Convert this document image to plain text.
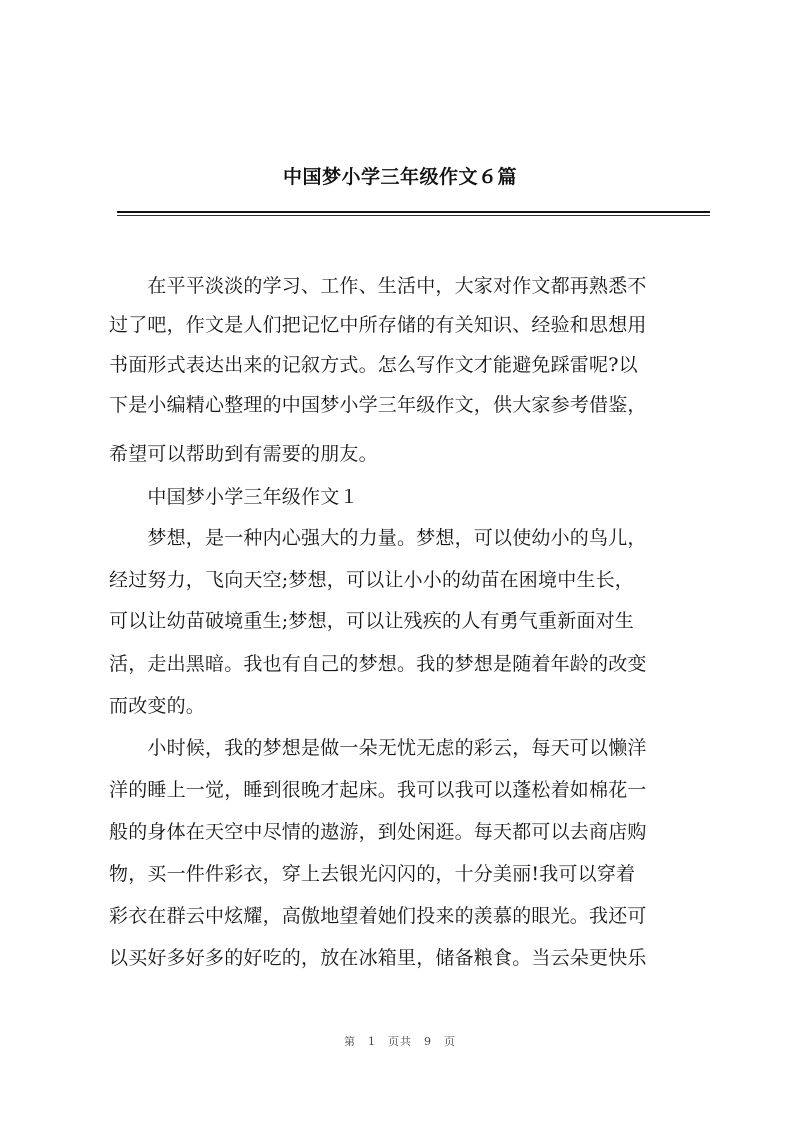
中国梦小学三年级作文６篇
　　在平平淡淡的学习、工作、生活中，大家对作文都再熟悉不
过了吧，作文是人们把记忆中所存储的有关知识、经验和思想用
书面形式表达出来的记叙方式。怎么写作文才能避免踩雷呢?以
下是小编精心整理的中国梦小学三年级作文，供大家参考借鉴，
希望可以帮助到有需要的朋友。
　　中国梦小学三年级作文１
　　梦想，是一种内心强大的力量。梦想，可以使幼小的鸟儿，
经过努力，飞向天空;梦想，可以让小小的幼苗在困境中生长，
可以让幼苗破境重生;梦想，可以让残疾的人有勇气重新面对生
活，走出黑暗。我也有自己的梦想。我的梦想是随着年龄的改变
而改变的。
　　小时候，我的梦想是做一朵无忧无虑的彩云，每天可以懒洋
洋的睡上一觉，睡到很晚才起床。我可以我可以蓬松着如棉花一
般的身体在天空中尽情的遨游，到处闲逛。每天都可以去商店购
物，买一件件彩衣，穿上去银光闪闪的，十分美丽!我可以穿着
彩衣在群云中炫耀，高傲地望着她们投来的羡慕的眼光。我还可
以买好多好多的好吃的，放在冰箱里，储备粮食。当云朵更快乐
第 1 页共 9 页
